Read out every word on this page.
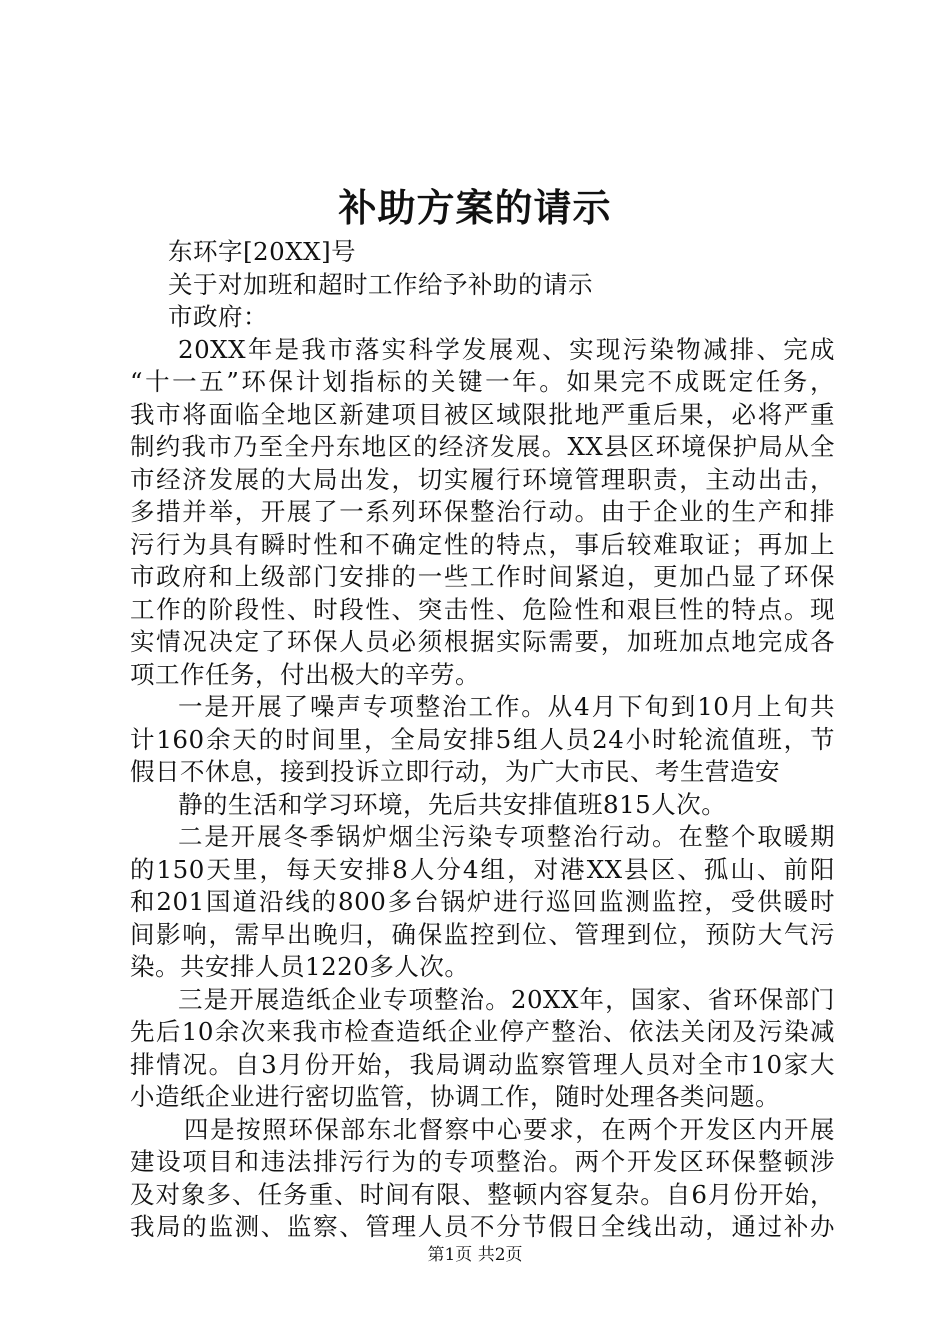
补助方案的请示
东环字[20XX]号
关于对加班和超时工作给予补助的请示
市政府：
20XX年是我市落实科学发展观、实现污染物减排、完成
“十一五”环保计划指标的关键一年。如果完不成既定任务，
我市将面临全地区新建项目被区域限批地严重后果，必将严重
制约我市乃至全丹东地区的经济发展。XX县区环境保护局从全
市经济发展的大局出发，切实履行环境管理职责，主动出击，
多措并举，开展了一系列环保整治行动。由于企业的生产和排
污行为具有瞬时性和不确定性的特点，事后较难取证；再加上
市政府和上级部门安排的一些工作时间紧迫，更加凸显了环保
工作的阶段性、时段性、突击性、危险性和艰巨性的特点。现
实情况决定了环保人员必须根据实际需要，加班加点地完成各
项工作任务，付出极大的辛劳。
一是开展了噪声专项整治工作。从4月下旬到10月上旬共
计160余天的时间里，全局安排5组人员24小时轮流值班，节
假日不休息，接到投诉立即行动，为广大市民、考生营造安
静的生活和学习环境，先后共安排值班815人次。
二是开展冬季锅炉烟尘污染专项整治行动。在整个取暖期
的150天里，每天安排8人分4组，对港XX县区、孤山、前阳
和201国道沿线的800多台锅炉进行巡回监测监控，受供暖时
间影响，需早出晚归，确保监控到位、管理到位，预防大气污
染。共安排人员1220多人次。
三是开展造纸企业专项整治。20XX年，国家、省环保部门
先后10余次来我市检查造纸企业停产整治、依法关闭及污染减
排情况。自3月份开始，我局调动监察管理人员对全市10家大
小造纸企业进行密切监管，协调工作，随时处理各类问题。
四是按照环保部东北督察中心要求，在两个开发区内开展
建设项目和违法排污行为的专项整治。两个开发区环保整顿涉
及对象多、任务重、时间有限、整顿内容复杂。自6月份开始，
我局的监测、监察、管理人员不分节假日全线出动，通过补办
第1页 共2页
